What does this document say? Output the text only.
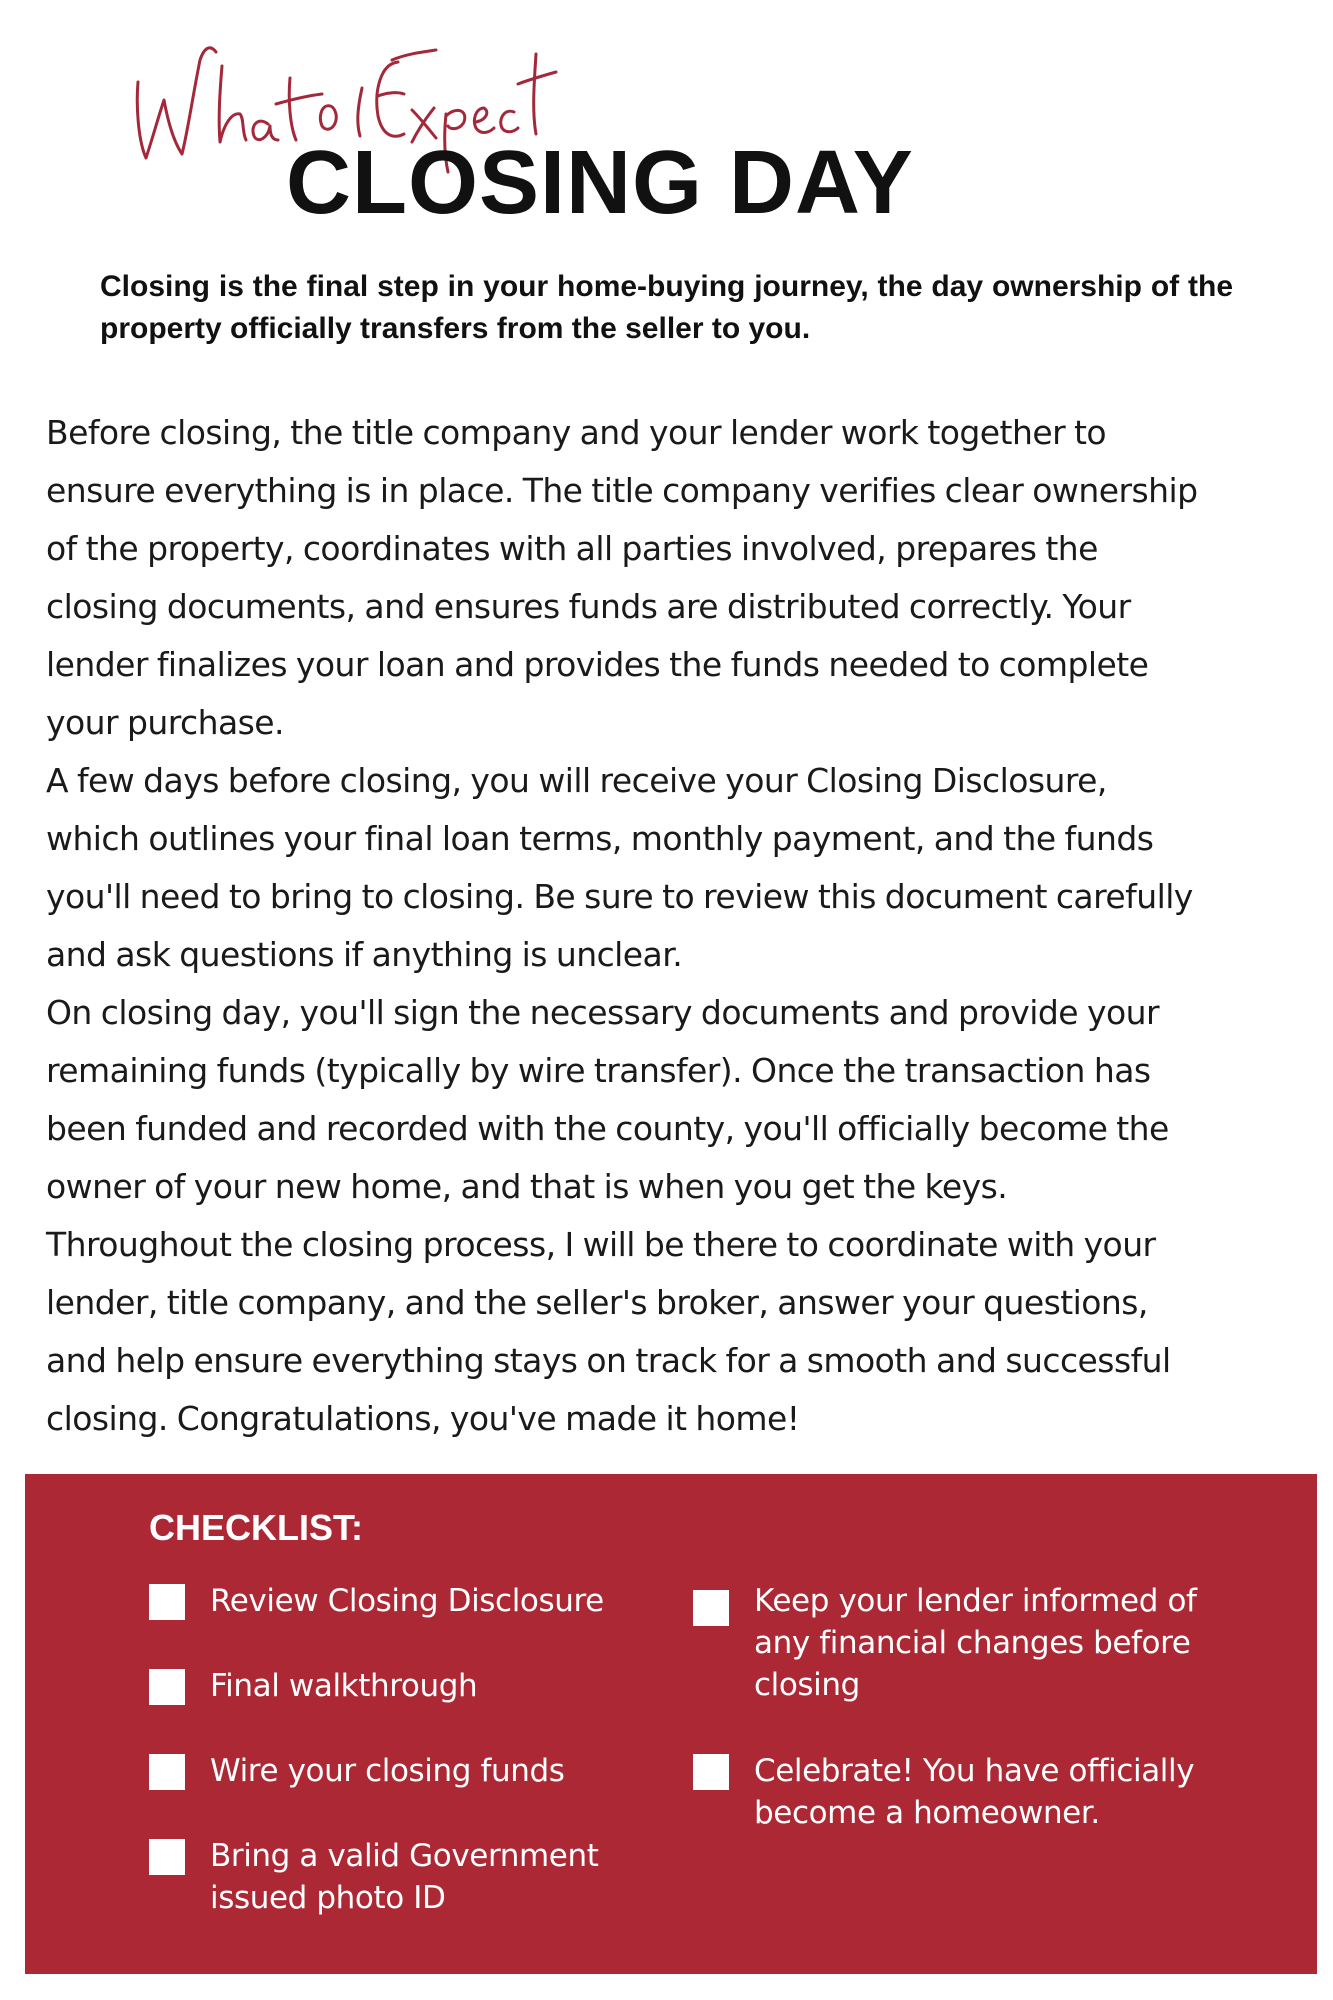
CLOSING DAY

Closing is the final step in your home-buying journey, the day ownership of the property officially transfers from the seller to you.

Before closing, the title company and your lender work together to
ensure everything is in place. The title company verifies clear ownership
of the property, coordinates with all parties involved, prepares the
closing documents, and ensures funds are distributed correctly. Your
lender finalizes your loan and provides the funds needed to complete
your purchase.
A few days before closing, you will receive your Closing Disclosure,
which outlines your final loan terms, monthly payment, and the funds
you'll need to bring to closing. Be sure to review this document carefully
and ask questions if anything is unclear.
On closing day, you'll sign the necessary documents and provide your
remaining funds (typically by wire transfer). Once the transaction has
been funded and recorded with the county, you'll officially become the
owner of your new home, and that is when you get the keys.
Throughout the closing process, I will be there to coordinate with your
lender, title company, and the seller's broker, answer your questions,
and help ensure everything stays on track for a smooth and successful
closing. Congratulations, you've made it home!
CHECKLIST:
Review Closing Disclosure
Final walkthrough
Wire your closing funds
Bring a valid Government
issued photo ID
Keep your lender informed of
any financial changes before
closing
Celebrate! You have officially
become a homeowner.
